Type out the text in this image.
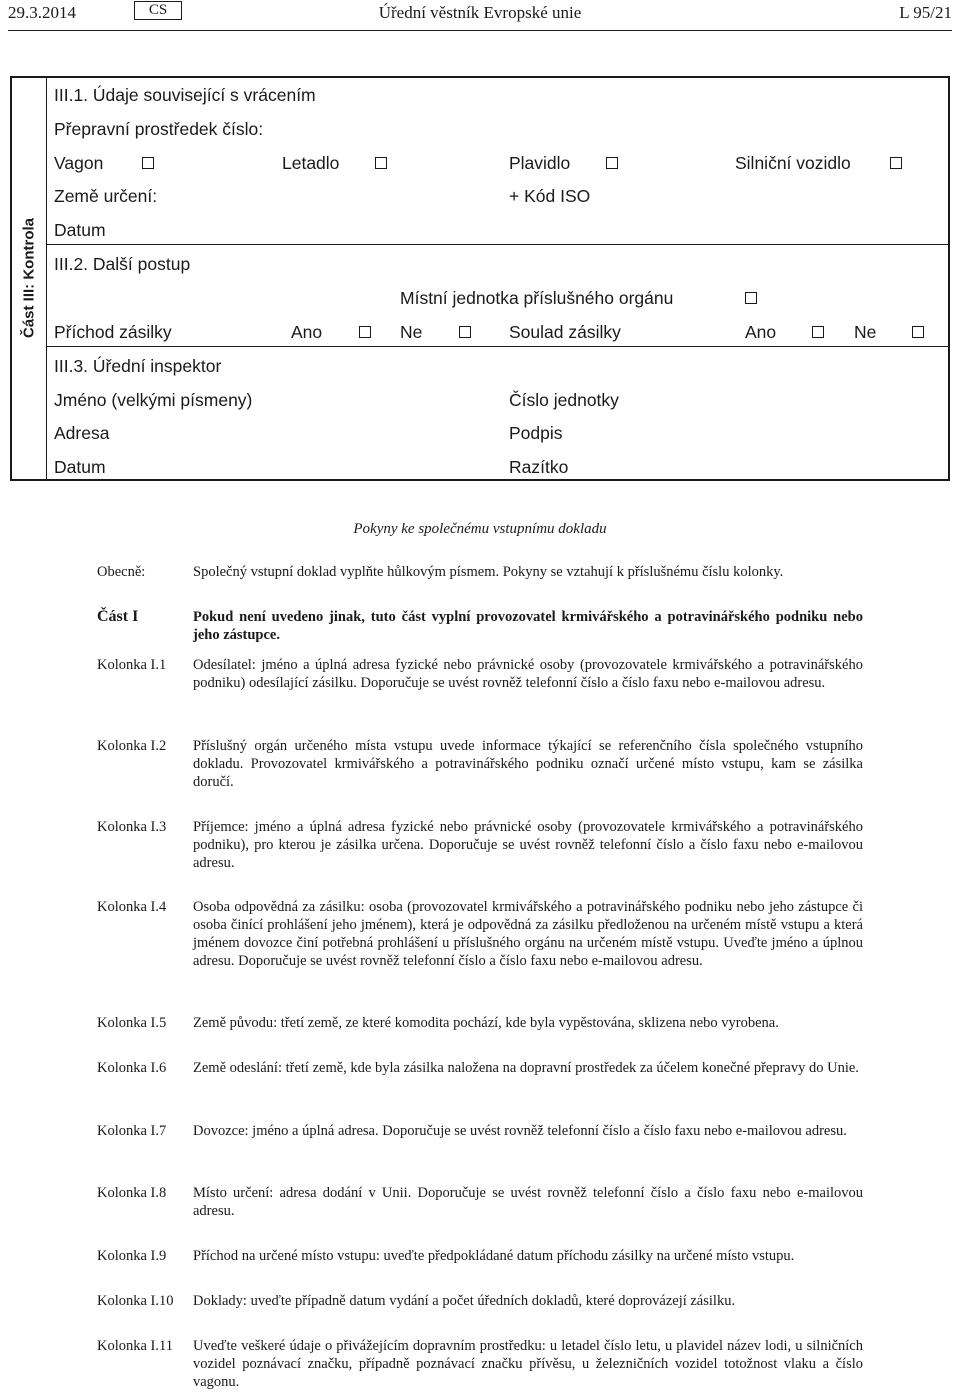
29.3.2014	CS	Úřední věstník Evropské unie	L 95/21
Část III: Kontrola
III.1. Údaje související s vrácením
Přepravní prostředek číslo:
Vagon	Letadlo	Plavidlo	Silniční vozidlo
Země určení:	+ Kód ISO
Datum
III.2. Další postup
Místní jednotka příslušného orgánu
Příchod zásilky	Ano	Ne	Soulad zásilky	Ano	Ne
III.3. Úřední inspektor
Jméno (velkými písmeny)	Číslo jednotky
Adresa	Podpis
Datum	Razítko
Pokyny ke společnému vstupnímu dokladu
Obecně:	Společný vstupní doklad vyplňte hůlkovým písmem. Pokyny se vztahují k příslušnému číslu kolonky.
Část I	Pokud není uvedeno jinak, tuto část vyplní provozovatel krmivářského a potravinářského podniku nebo jeho zástupce.
Kolonka I.1 Odesílatel: jméno a úplná adresa fyzické nebo právnické osoby (provozovatele krmivářského a potravinářského podniku) odesílající zásilku. Doporučuje se uvést rovněž telefonní číslo a číslo faxu nebo e-mailovou adresu.
Kolonka I.2 Příslušný orgán určeného místa vstupu uvede informace týkající se referenčního čísla společného vstupního dokladu. Provozovatel krmivářského a potravinářského podniku označí určené místo vstupu, kam se zásilka doručí.
Kolonka I.3 Příjemce: jméno a úplná adresa fyzické nebo právnické osoby (provozovatele krmivářského a potravinářského podniku), pro kterou je zásilka určena. Doporučuje se uvést rovněž telefonní číslo a číslo faxu nebo e-mailovou adresu.
Kolonka I.4 Osoba odpovědná za zásilku: osoba (provozovatel krmivářského a potravinářského podniku nebo jeho zástupce či osoba činící prohlášení jeho jménem), která je odpovědná za zásilku předloženou na určeném místě vstupu a která jménem dovozce činí potřebná prohlášení u příslušného orgánu na určeném místě vstupu. Uveďte jméno a úplnou adresu. Doporučuje se uvést rovněž telefonní číslo a číslo faxu nebo e-mailovou adresu.
Kolonka I.5 Země původu: třetí země, ze které komodita pochází, kde byla vypěstována, sklizena nebo vyrobena.
Kolonka I.6 Země odeslání: třetí země, kde byla zásilka naložena na dopravní prostředek za účelem konečné přepravy do Unie.
Kolonka I.7 Dovozce: jméno a úplná adresa. Doporučuje se uvést rovněž telefonní číslo a číslo faxu nebo e-mailovou adresu.
Kolonka I.8 Místo určení: adresa dodání v Unii. Doporučuje se uvést rovněž telefonní číslo a číslo faxu nebo e-mailovou adresu.
Kolonka I.9 Příchod na určené místo vstupu: uveďte předpokládané datum příchodu zásilky na určené místo vstupu.
Kolonka I.10 Doklady: uveďte případně datum vydání a počet úředních dokladů, které doprovázejí zásilku.
Kolonka I.11 Uveďte veškeré údaje o přivážejícím dopravním prostředku: u letadel číslo letu, u plavidel název lodi, u silničních vozidel poznávací značku, případně poznávací značku přívěsu, u železničních vozidel totožnost vlaku a číslo vagonu.
